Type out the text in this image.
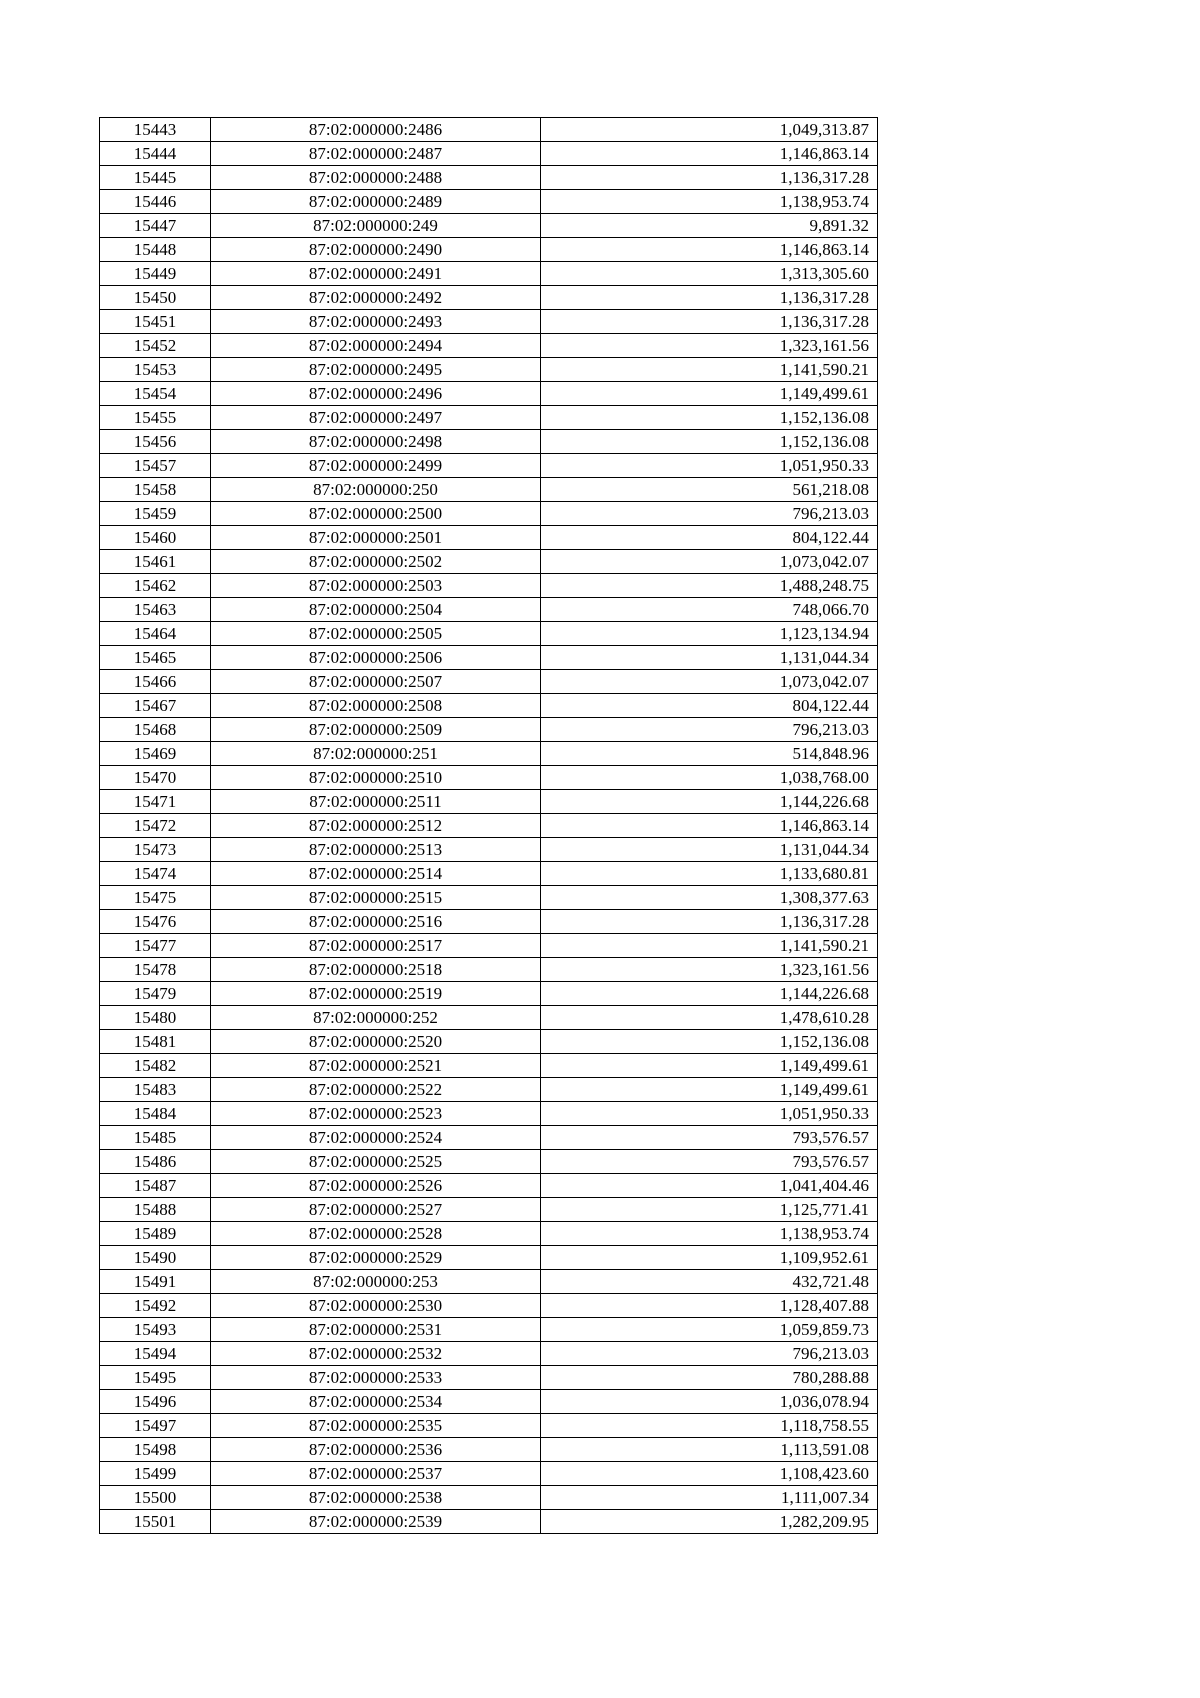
15443	87:02:000000:2486	1,049,313.87
15444	87:02:000000:2487	1,146,863.14
15445	87:02:000000:2488	1,136,317.28
15446	87:02:000000:2489	1,138,953.74
15447	87:02:000000:249	9,891.32
15448	87:02:000000:2490	1,146,863.14
15449	87:02:000000:2491	1,313,305.60
15450	87:02:000000:2492	1,136,317.28
15451	87:02:000000:2493	1,136,317.28
15452	87:02:000000:2494	1,323,161.56
15453	87:02:000000:2495	1,141,590.21
15454	87:02:000000:2496	1,149,499.61
15455	87:02:000000:2497	1,152,136.08
15456	87:02:000000:2498	1,152,136.08
15457	87:02:000000:2499	1,051,950.33
15458	87:02:000000:250	561,218.08
15459	87:02:000000:2500	796,213.03
15460	87:02:000000:2501	804,122.44
15461	87:02:000000:2502	1,073,042.07
15462	87:02:000000:2503	1,488,248.75
15463	87:02:000000:2504	748,066.70
15464	87:02:000000:2505	1,123,134.94
15465	87:02:000000:2506	1,131,044.34
15466	87:02:000000:2507	1,073,042.07
15467	87:02:000000:2508	804,122.44
15468	87:02:000000:2509	796,213.03
15469	87:02:000000:251	514,848.96
15470	87:02:000000:2510	1,038,768.00
15471	87:02:000000:2511	1,144,226.68
15472	87:02:000000:2512	1,146,863.14
15473	87:02:000000:2513	1,131,044.34
15474	87:02:000000:2514	1,133,680.81
15475	87:02:000000:2515	1,308,377.63
15476	87:02:000000:2516	1,136,317.28
15477	87:02:000000:2517	1,141,590.21
15478	87:02:000000:2518	1,323,161.56
15479	87:02:000000:2519	1,144,226.68
15480	87:02:000000:252	1,478,610.28
15481	87:02:000000:2520	1,152,136.08
15482	87:02:000000:2521	1,149,499.61
15483	87:02:000000:2522	1,149,499.61
15484	87:02:000000:2523	1,051,950.33
15485	87:02:000000:2524	793,576.57
15486	87:02:000000:2525	793,576.57
15487	87:02:000000:2526	1,041,404.46
15488	87:02:000000:2527	1,125,771.41
15489	87:02:000000:2528	1,138,953.74
15490	87:02:000000:2529	1,109,952.61
15491	87:02:000000:253	432,721.48
15492	87:02:000000:2530	1,128,407.88
15493	87:02:000000:2531	1,059,859.73
15494	87:02:000000:2532	796,213.03
15495	87:02:000000:2533	780,288.88
15496	87:02:000000:2534	1,036,078.94
15497	87:02:000000:2535	1,118,758.55
15498	87:02:000000:2536	1,113,591.08
15499	87:02:000000:2537	1,108,423.60
15500	87:02:000000:2538	1,111,007.34
15501	87:02:000000:2539	1,282,209.95
